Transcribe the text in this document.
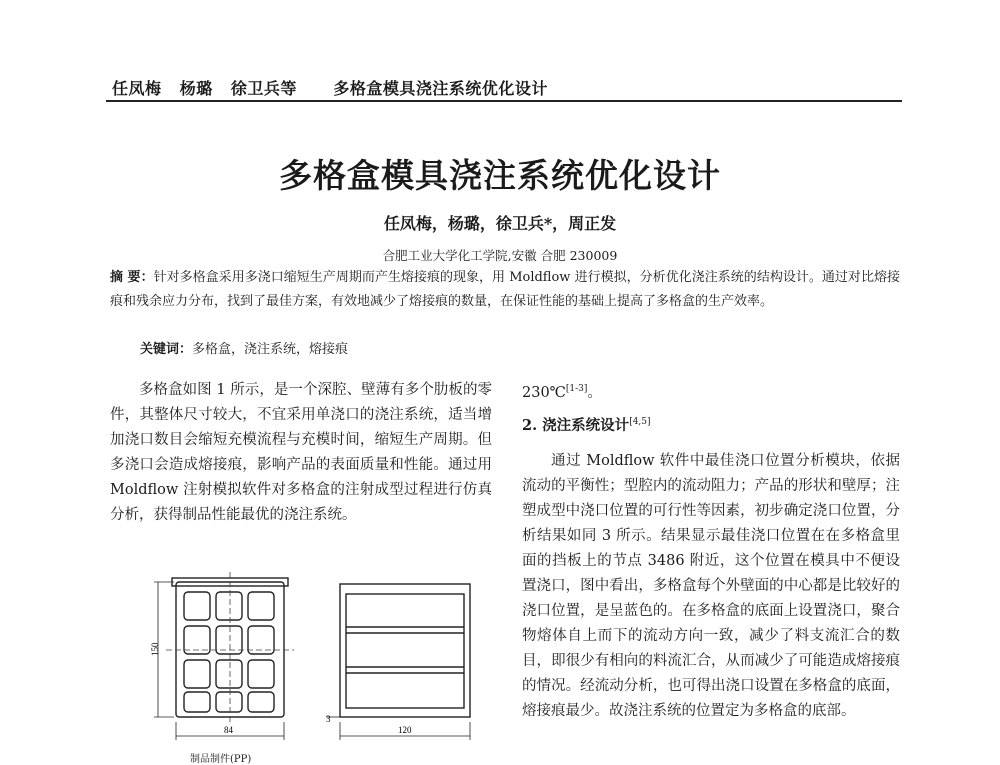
任凤梅   杨璐   徐卫兵等      多格盒模具浇注系统优化设计
多格盒模具浇注系统优化设计
任凤梅，杨璐，徐卫兵*，周正发
合肥工业大学化工学院,安徽 合肥 230009
摘 要：针对多格盒采用多浇口缩短生产周期而产生熔接痕的现象，用 Moldflow 进行模拟，分析优化浇注系统的结构设计。通过对比熔接痕和残余应力分布，找到了最佳方案，有效地减少了熔接痕的数量，在保证性能的基础上提高了多格盒的生产效率。
关键词：多格盒，浇注系统，熔接痕

多格盒如图 1 所示，是一个深腔、壁薄有多个肋板的零件，其整体尺寸较大，不宜采用单浇口的浇注系统，适当增加浇口数目会缩短充模流程与充模时间，缩短生产周期。但多浇口会造成熔接痕，影响产品的表面质量和性能。通过用 Moldflow 注射模拟软件对多格盒的注射成型过程进行仿真分析，获得制品性能最优的浇注系统。

230℃[1-3]。
2. 浇注系统设计[4,5]

通过 Moldflow 软件中最佳浇口位置分析模块，依据流动的平衡性；型腔内的流动阻力；产品的形状和壁厚；注塑成型中浇口位置的可行性等因素，初步确定浇口位置，分析结果如同 3 所示。结果显示最佳浇口位置在在多格盒里面的挡板上的节点 3486 附近，这个位置在模具中不便设置浇口，图中看出，多格盒每个外壁面的中心都是比较好的浇口位置，是呈蓝色的。在多格盒的底面上设置浇口，聚合物熔体自上而下的流动方向一致，减少了料支流汇合的数目，即很少有相向的料流汇合，从而减少了可能造成熔接痕的情况。经流动分析，也可得出浇口设置在多格盒的底面，熔接痕最少。故浇注系统的位置定为多格盒的底部。

150
84	120
3
制品制件(PP)
